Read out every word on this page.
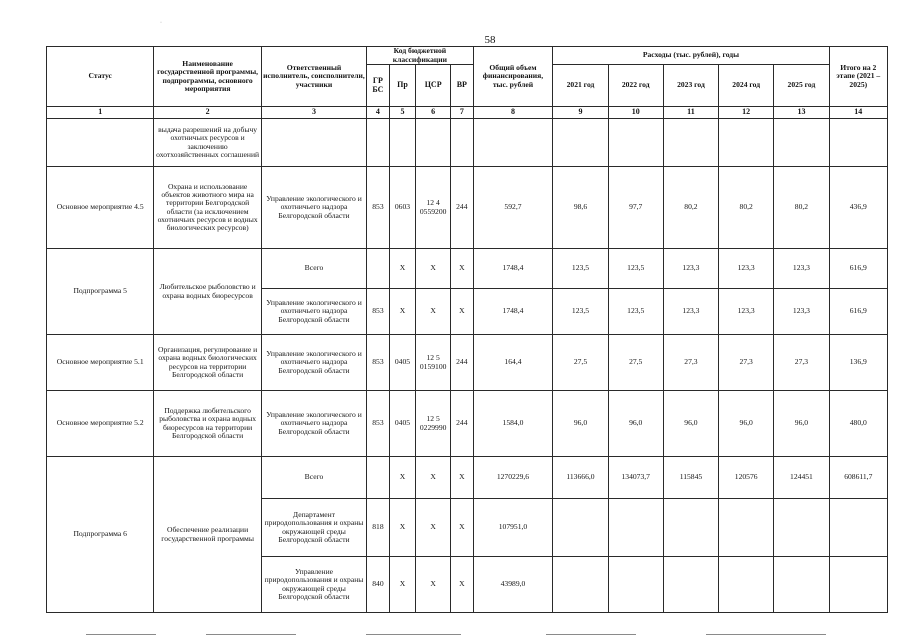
·
58
Статус	Наименование государственной программы, подпрограммы, основного мероприятия	Ответственный исполнитель, соисполнители, участники	Код бюджетной классификации				Общий объем финансирования, тыс. рублей	Расходы (тыс. рублей), годы					Итого на 2 этапе (2021 – 2025)
			ГР БС	Пр	ЦСР	ВР		2021 год	2022 год	2023 год	2024 год	2025 год	
1	2	3	4	5	6	7	8	9	10	11	12	13	14
	выдача разрешений на добычу охотничьих ресурсов и заключению охотхозяйственных соглашений												
Основное мероприятие 4.5	Охрана и использование объектов животного мира на территории Белгородской области (за исключением охотничьих ресурсов и водных биологических ресурсов)	Управление экологического и охотничьего надзора Белгородской области	853	0603	12 4 0559200	244	592,7	98,6	97,7	80,2	80,2	80,2	436,9
Подпрограмма 5	Любительское рыболовство и охрана водных биоресурсов	Всего		Х	Х	Х	1748,4	123,5	123,5	123,3	123,3	123,3	616,9
		Управление экологического и охотничьего надзора Белгородской области	853	Х	Х	Х	1748,4	123,5	123,5	123,3	123,3	123,3	616,9
Основное мероприятие 5.1	Организация, регулирование и охрана водных биологических ресурсов на территории Белгородской области	Управление экологического и охотничьего надзора Белгородской области	853	0405	12 5 0159100	244	164,4	27,5	27,5	27,3	27,3	27,3	136,9
Основное мероприятие 5.2	Поддержка любительского рыболовства и охрана водных биоресурсов на территории Белгородской области	Управление экологического и охотничьего надзора Белгородской области	853	0405	12 5 0229990	244	1584,0	96,0	96,0	96,0	96,0	96,0	480,0
Подпрограмма 6	Обеспечение реализации государственной программы	Всего		Х	Х	Х	1270229,6	113666,0	134073,7	115845	120576	124451	608611,7
		Департамент природопользования и охраны окружающей среды Белгородской области	818	Х	Х	Х	107951,0						
		Управление природопользования и охраны окружающей среды Белгородской области	840	Х	Х	Х	43989,0						
